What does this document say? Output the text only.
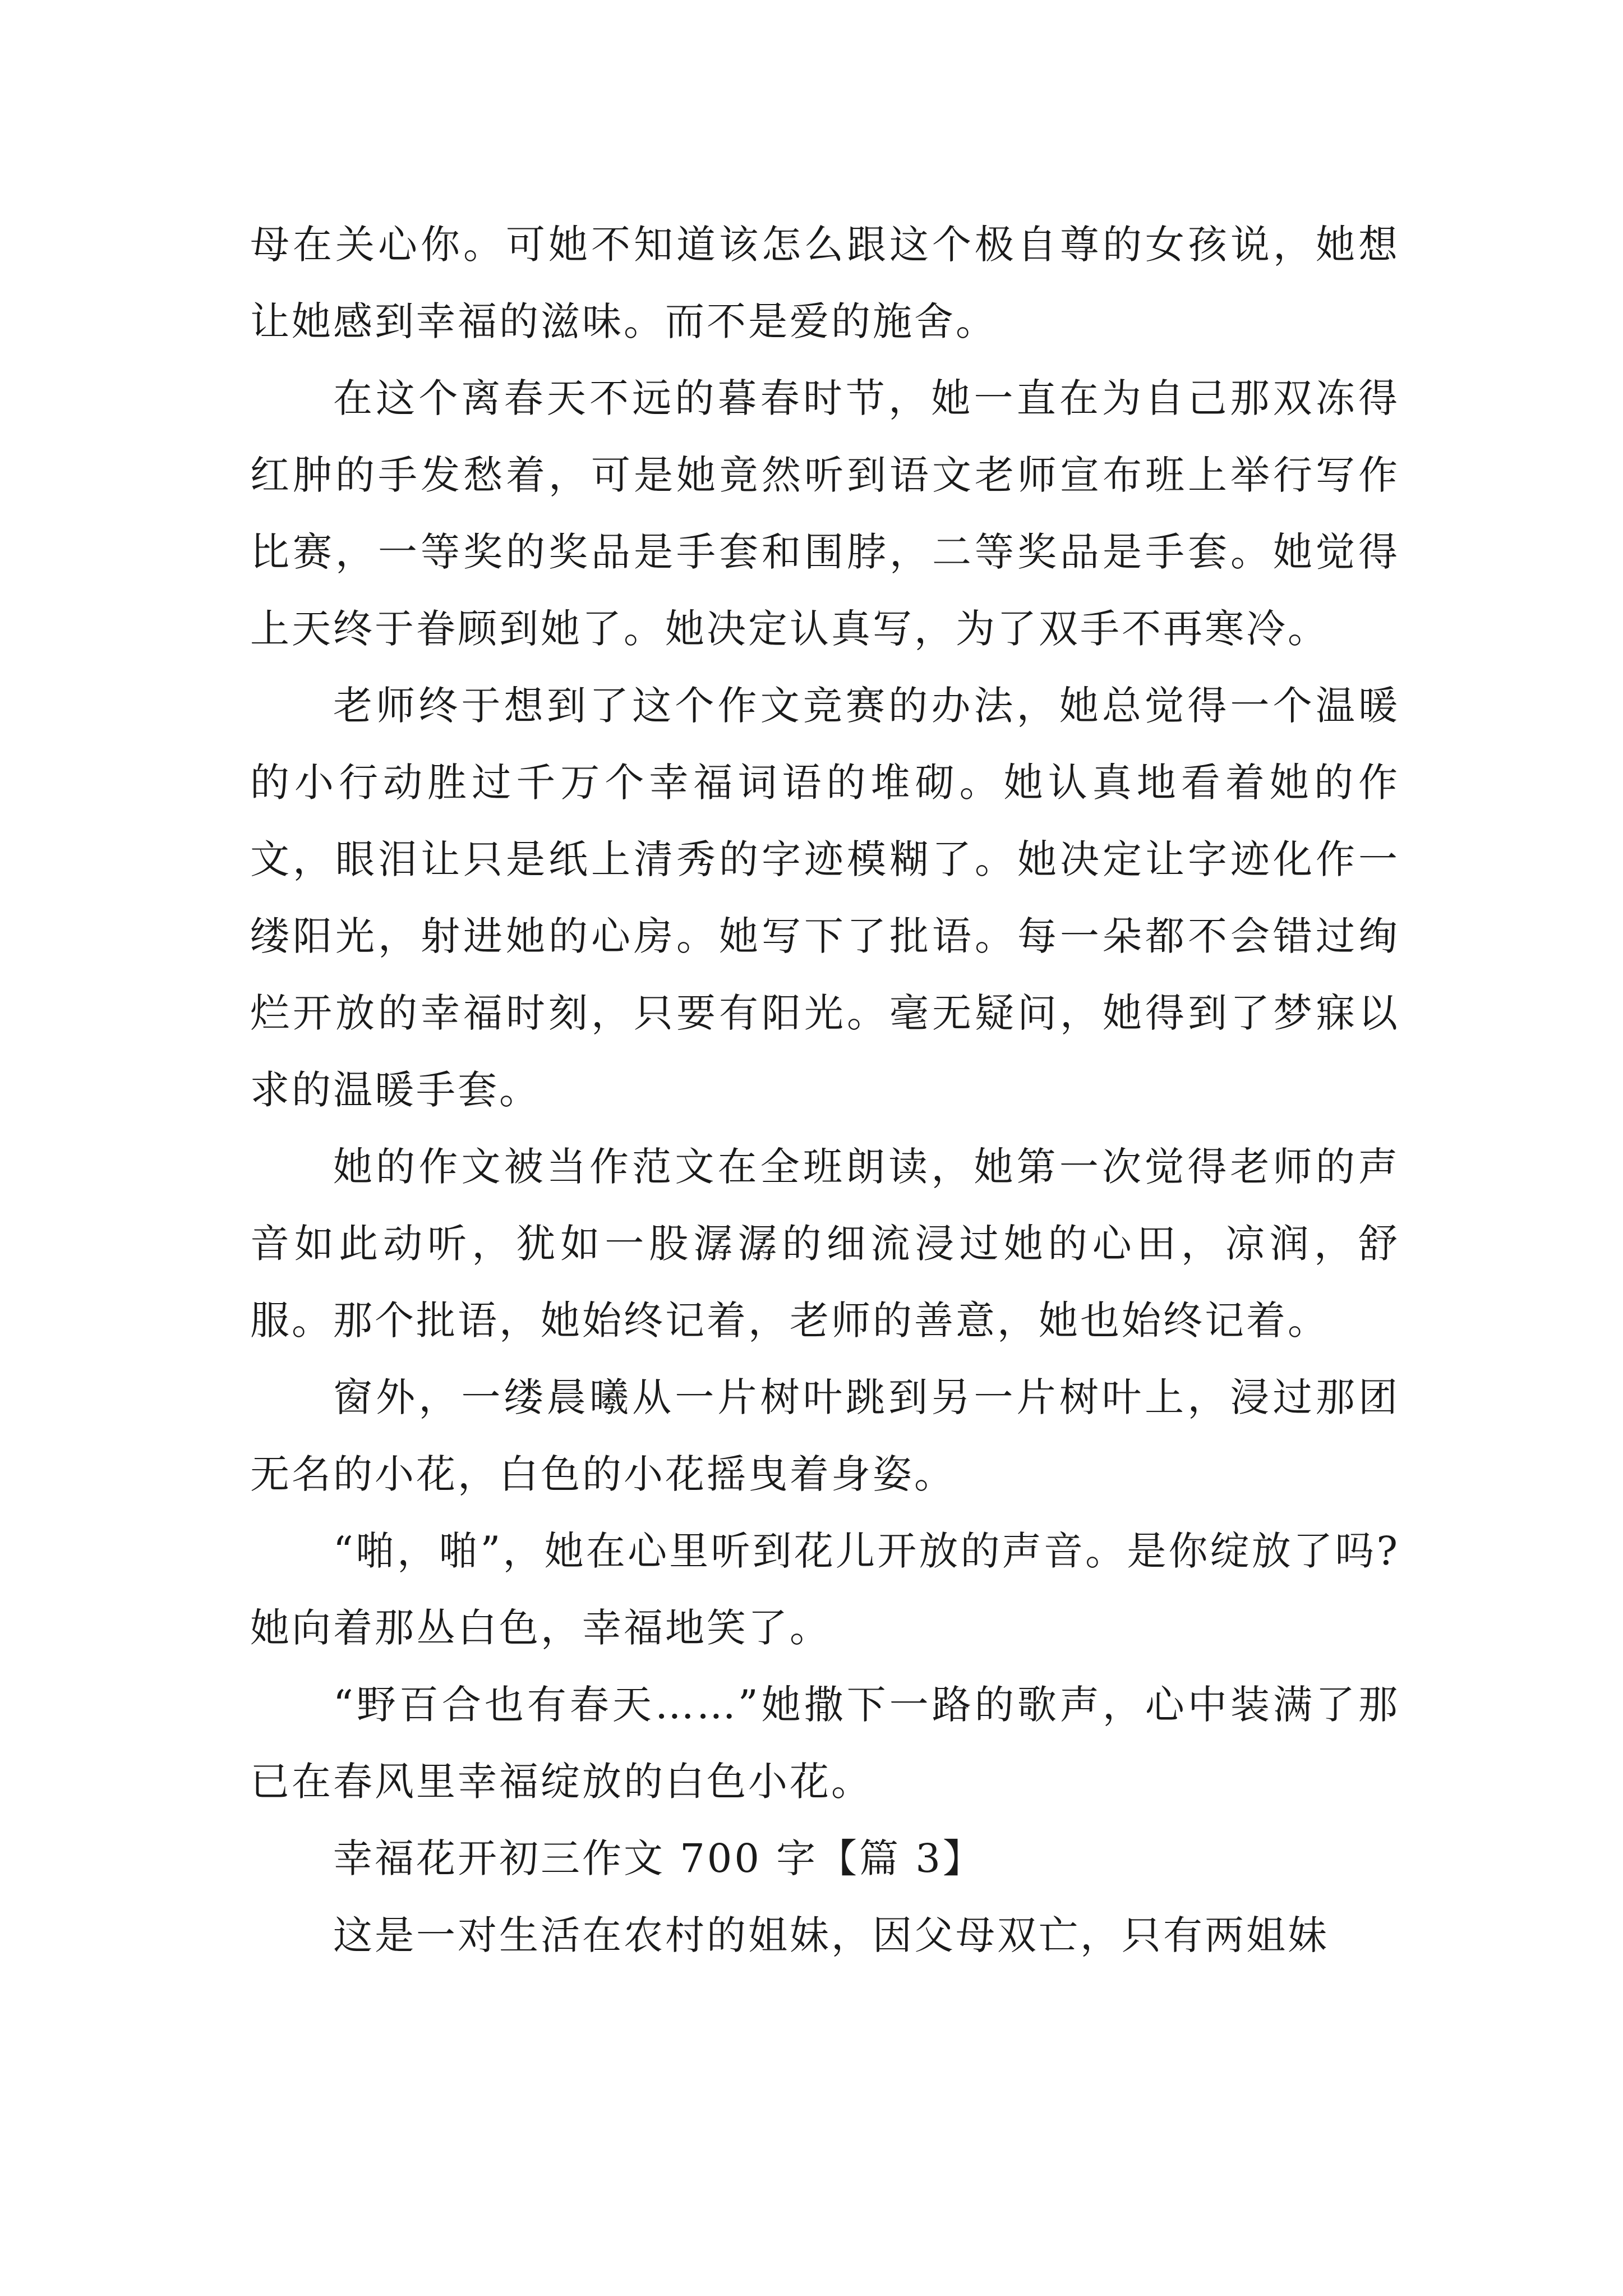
母在关心你。可她不知道该怎么跟这个极自尊的女孩说，她想让她感到幸福的滋味。而不是爱的施舍。

在这个离春天不远的暮春时节，她一直在为自己那双冻得红肿的手发愁着，可是她竟然听到语文老师宣布班上举行写作比赛，一等奖的奖品是手套和围脖，二等奖品是手套。她觉得上天终于眷顾到她了。她决定认真写，为了双手不再寒冷。

老师终于想到了这个作文竞赛的办法，她总觉得一个温暖的小行动胜过千万个幸福词语的堆砌。她认真地看着她的作文，眼泪让只是纸上清秀的字迹模糊了。她决定让字迹化作一缕阳光，射进她的心房。她写下了批语。每一朵都不会错过绚烂开放的幸福时刻，只要有阳光。毫无疑问，她得到了梦寐以求的温暖手套。

她的作文被当作范文在全班朗读，她第一次觉得老师的声音如此动听，犹如一股潺潺的细流浸过她的心田，凉润，舒服。那个批语，她始终记着，老师的善意，她也始终记着。

窗外，一缕晨曦从一片树叶跳到另一片树叶上，浸过那团无名的小花，白色的小花摇曳着身姿。

“啪，啪”，她在心里听到花儿开放的声音。是你绽放了吗?她向着那丛白色，幸福地笑了。

“野百合也有春天……”她撒下一路的歌声，心中装满了那已在春风里幸福绽放的白色小花。

幸福花开初三作文 700 字【篇 3】

这是一对生活在农村的姐妹，因父母双亡，只有两姐妹
